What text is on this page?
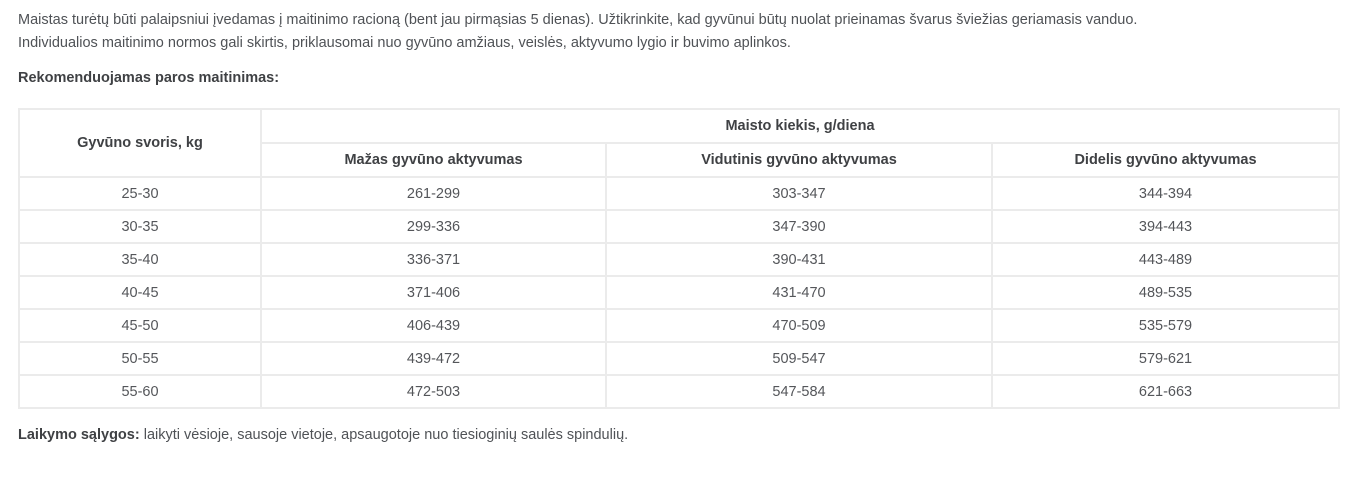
Maistas turėtų būti palaipsniui įvedamas į maitinimo racioną (bent jau pirmąsias 5 dienas). Užtikrinkite, kad gyvūnui būtų nuolat prieinamas švarus šviežias geriamasis vanduo.

Individualios maitinimo normos gali skirtis, priklausomai nuo gyvūno amžiaus, veislės, aktyvumo lygio ir buvimo aplinkos.

Rekomenduojamas paros maitinimas:

Gyvūno svoris, kg	Maisto kiekis, g/diena		
	Mažas gyvūno aktyvumas	Vidutinis gyvūno aktyvumas	Didelis gyvūno aktyvumas
25-30	261-299	303-347	344-394
30-35	299-336	347-390	394-443
35-40	336-371	390-431	443-489
40-45	371-406	431-470	489-535
45-50	406-439	470-509	535-579
50-55	439-472	509-547	579-621
55-60	472-503	547-584	621-663

Laikymo sąlygos: laikyti vėsioje, sausoje vietoje, apsaugotoje nuo tiesioginių saulės spindulių.
